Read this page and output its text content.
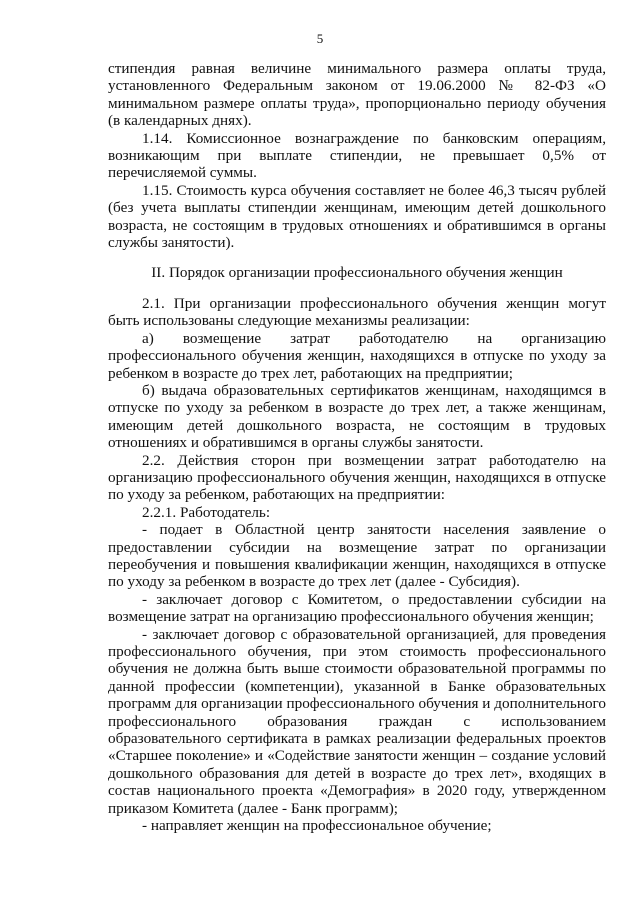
5

стипендия равная величине минимального размера оплаты труда, установленного Федеральным законом от 19.06.2000 № 82-ФЗ «О минимальном размере оплаты труда», пропорционально периоду обучения (в календарных днях).

1.14. Комиссионное вознаграждение по банковским операциям, возникающим при выплате стипендии, не превышает 0,5% от перечисляемой суммы.

1.15. Стоимость курса обучения составляет не более 46,3 тысяч рублей (без учета выплаты стипендии женщинам, имеющим детей дошкольного возраста, не состоящим в трудовых отношениях и обратившимся в органы службы занятости).

II. Порядок организации профессионального обучения женщин

2.1. При организации профессионального обучения женщин могут быть использованы следующие механизмы реализации:

а) возмещение затрат работодателю на организацию профессионального обучения женщин, находящихся в отпуске по уходу за ребенком в возрасте до трех лет, работающих на предприятии;

б) выдача образовательных сертификатов женщинам, находящимся в отпуске по уходу за ребенком в возрасте до трех лет, а также женщинам, имеющим детей дошкольного возраста, не состоящим в трудовых отношениях и обратившимся в органы службы занятости.

2.2. Действия сторон при возмещении затрат работодателю на организацию профессионального обучения женщин, находящихся в отпуске по уходу за ребенком, работающих на предприятии:

2.2.1. Работодатель:

- подает в Областной центр занятости населения заявление о предоставлении субсидии на возмещение затрат по организации переобучения и повышения квалификации женщин, находящихся в отпуске по уходу за ребенком в возрасте до трех лет (далее - Субсидия).

- заключает договор с Комитетом, о предоставлении субсидии на возмещение затрат на организацию профессионального обучения женщин;

- заключает договор с образовательной организацией, для проведения профессионального обучения, при этом стоимость профессионального обучения не должна быть выше стоимости образовательной программы по данной профессии (компетенции), указанной в Банке образовательных программ для организации профессионального обучения и дополнительного профессионального образования граждан с использованием образовательного сертификата в рамках реализации федеральных проектов «Старшее поколение» и «Содействие занятости женщин – создание условий дошкольного образования для детей в возрасте до трех лет», входящих в состав национального проекта «Демография» в 2020 году, утвержденном приказом Комитета (далее - Банк программ);

- направляет женщин на профессиональное обучение;
